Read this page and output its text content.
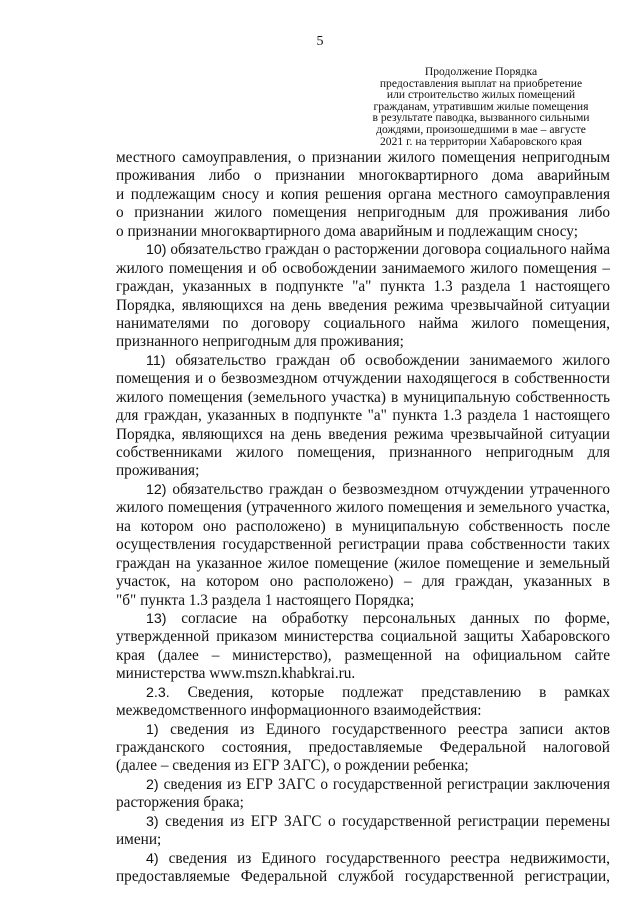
5
Продолжение Порядка
предоставления выплат на приобретение
или строительство жилых помещений
гражданам, утратившим жилые помещения
в результате паводка, вызванного сильными
дождями, произошедшими в мае – августе
2021 г. на территории Хабаровского края
местного самоуправления, о признании жилого помещения непригодным
проживания либо о признании многоквартирного дома аварийным
и подлежащим сносу и копия решения органа местного самоуправления
о признании жилого помещения непригодным для проживания либо
о признании многоквартирного дома аварийным и подлежащим сносу;
10) обязательство граждан о расторжении договора социального найма
жилого помещения и об освобождении занимаемого жилого помещения –
граждан, указанных в подпункте "а" пункта 1.3 раздела 1 настоящего
Порядка, являющихся на день введения режима чрезвычайной ситуации
нанимателями по договору социального найма жилого помещения,
признанного непригодным для проживания;
11) обязательство граждан об освобождении занимаемого жилого
помещения и о безвозмездном отчуждении находящегося в собственности
жилого помещения (земельного участка) в муниципальную собственность
для граждан, указанных в подпункте "а" пункта 1.3 раздела 1 настоящего
Порядка, являющихся на день введения режима чрезвычайной ситуации
собственниками жилого помещения, признанного непригодным для
проживания;
12) обязательство граждан о безвозмездном отчуждении утраченного
жилого помещения (утраченного жилого помещения и земельного участка,
на котором оно расположено) в муниципальную собственность после
осуществления государственной регистрации права собственности таких
граждан на указанное жилое помещение (жилое помещение и земельный
участок, на котором оно расположено) – для граждан, указанных в
"б" пункта 1.3 раздела 1 настоящего Порядка;
13) согласие на обработку персональных данных по форме,
утвержденной приказом министерства социальной защиты Хабаровского
края (далее – министерство), размещенной на официальном сайте
министерства www.mszn.khabkrai.ru.
2.3. Сведения, которые подлежат представлению в рамках
межведомственного информационного взаимодействия:
1) сведения из Единого государственного реестра записи актов
гражданского состояния, предоставляемые Федеральной налоговой
(далее – сведения из ЕГР ЗАГС), о рождении ребенка;
2) сведения из ЕГР ЗАГС о государственной регистрации заключения
расторжения брака;
3) сведения из ЕГР ЗАГС о государственной регистрации перемены
имени;
4) сведения из Единого государственного реестра недвижимости,
предоставляемые Федеральной службой государственной регистрации,
